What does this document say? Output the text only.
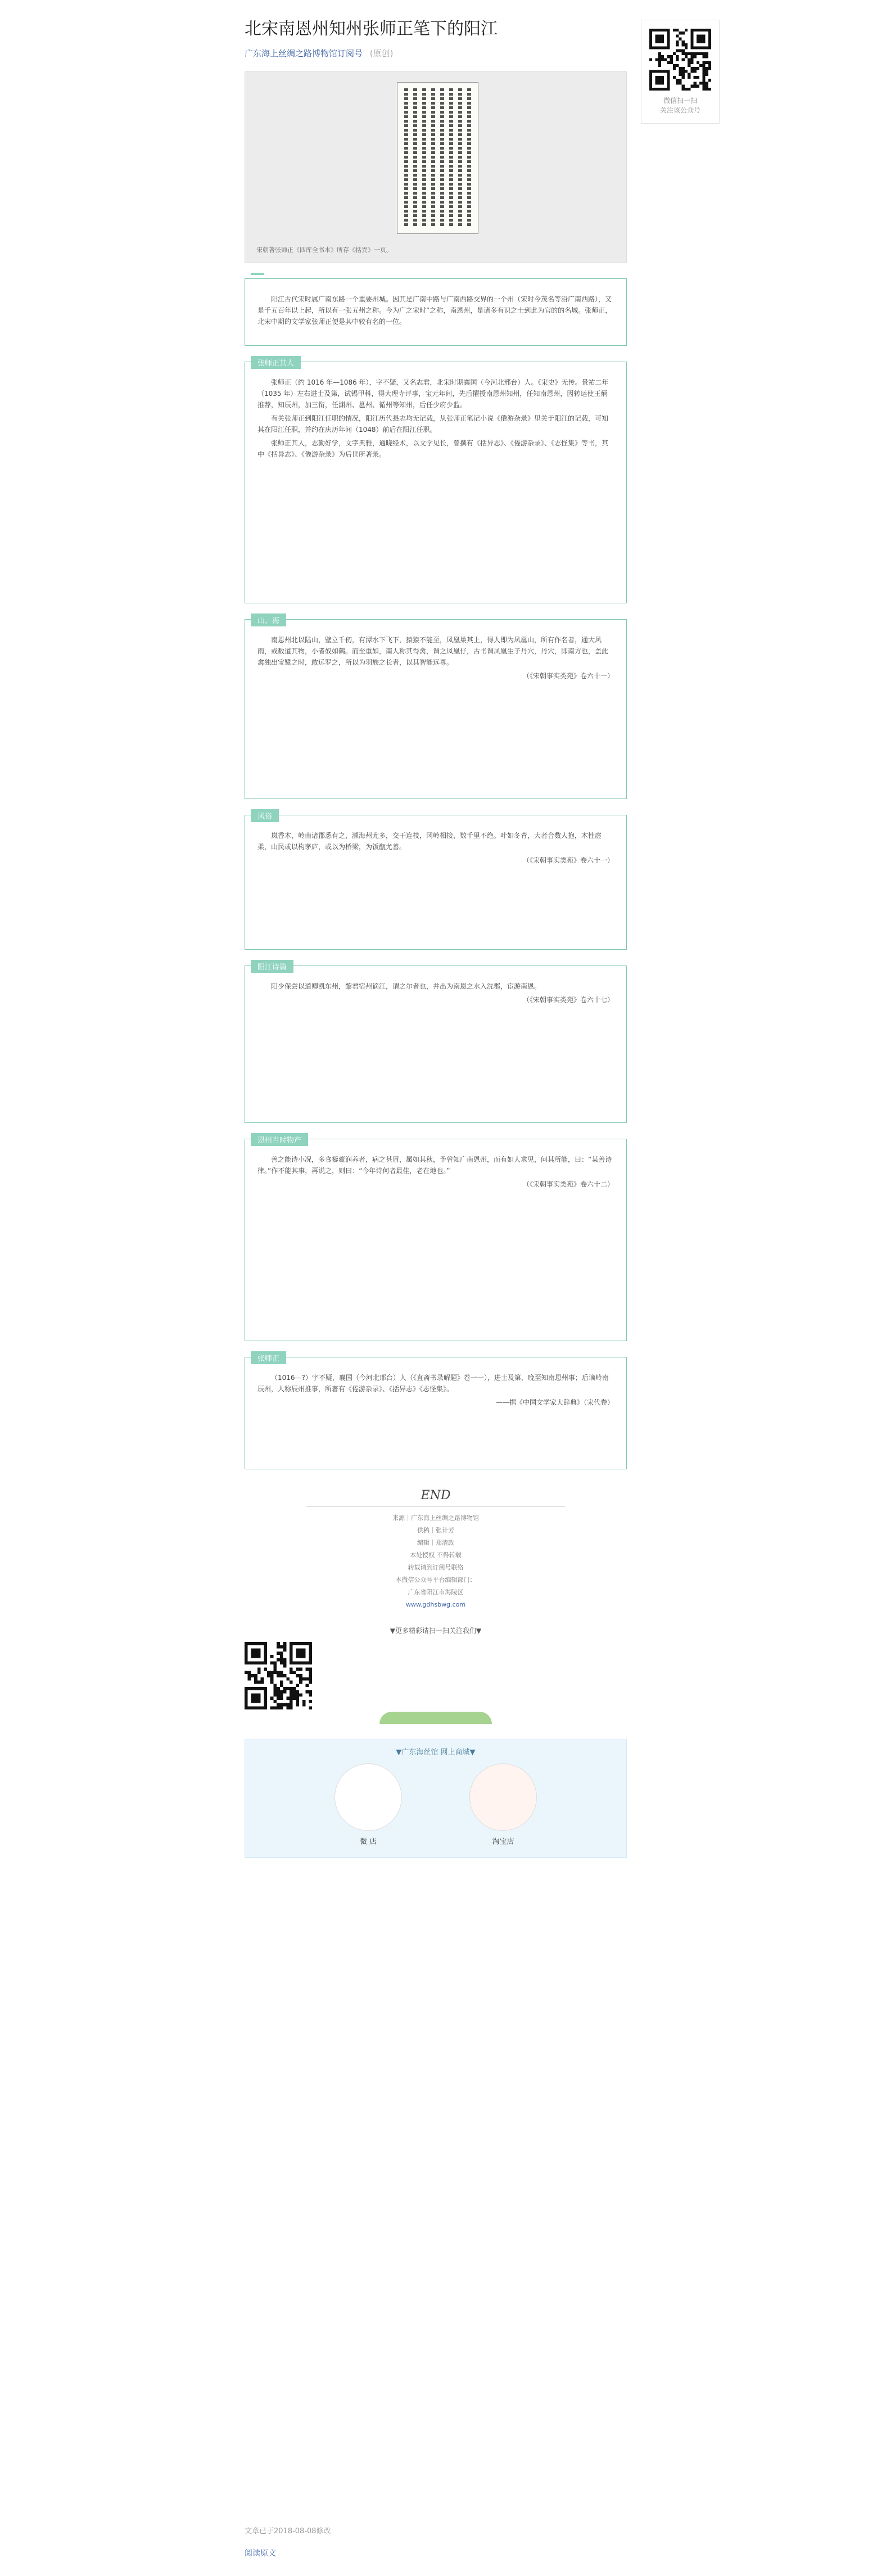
北宋南恩州知州张师正笔下的阳江
广东海上丝绸之路博物馆订阅号 (原创)
宋朝著张师正《四库全书本》所存《括異》一页。

阳江古代宋时属广南东路一个重要州城。因其是广南中路与广南西路交界的一个州（宋时今茂名等沿广南西路），又是千五百年以上起，所以有一张五州之称。今为广之宋时“之称，南恩州，是诸多有识之士到此为官的的名城。张师正，北宋中期的文学家张师正便是其中较有名的一位。

张师正其人

张师正（约 1016 年—1086 年），字不疑，又名志君，北宋时期襄国（今河北邢台）人。《宋史》无传。景祐二年（1035 年）左右进士及第，试锡甲科，得大理寺评事，宝元年间，先后擢授南恩州知州，任知南恩州，因转运使王炳推荐，知辰州，加三衔，任渊州、邕州、循州等知州，后任少府少监。

有关张师正到阳江任职的情况，阳江历代县志均无记载，从张师正笔记小说《倦游杂录》里关于阳江的记载，可知其在阳江任职，并约在庆历年间（1048）前后在阳江任职。

张师正其人，志勤好学，文字典雅，通晓经术，以文学见长，曾撰有《括异志》、《倦游杂录》、《志怪集》等书，其中《括异志》、《倦游杂录》为后世所著录。

山、海

南恩州北以陆山，壁立千仞，有潭水下飞下，猿猿不能至，凤凰巢其上，得人即为凤凰山，所有作名者，通大风雨，或数道其物，小者奴如鹤。而至重如，南人称其得禽，谓之凤凰仔，古书谓凤凰生子丹穴，丹穴，即南方也，盖此禽独出宝鹭之时，敢远罗之，所以为羽族之长者，以其智能远尊。

（《宋朝事实类苑》卷六十一）

风俗

岚香木，岭南诸郡悉有之，濒海州尤多，交干连枝，冈岭相接，数千里不绝。叶如冬青，大者合数人抱，木性虚柔，山民或以构茅庐，或以为桥梁，为饭甑尤善。

（《宋朝事实类苑》卷六十一）

阳江诗篇

阳少保尝以道卿凯东州，黎君宿州谪江，谓之尔者也，并出为南恩之水入洗郡，宦游南恩。

（《宋朝事实类苑》卷六十七）

恩州当时物产

善之能诗小况，多食藜藿润养者，病之甚眉，属如其秋，予曾知广南恩州，而有如人求见，问其所能，曰：“某善诗律。”作不能其事，再说之，则曰：“今年诗何者最佳，老在地也。”

（《宋朝事实类苑》卷六十二）

张师正

（1016—?）字不疑，襄国（今河北邢台）人（《直斋书录解题》卷一一），进士及第，晚至知南恩州事；后谪岭南辰州，人称辰州推事，所著有《倦游杂录》、《括异志》《志怪集》。

——据《中国文学家大辞典》（宋代卷）

END

来源｜广东海上丝绸之路博物馆

供稿｜张计芳

编辑｜郑清政

本处授权 不得转载

转载请到订阅号联络

本微信公众号平台编辑部门：

广东省阳江市海陵区

www.gdhsbwg.com

▼更多精彩请扫一扫关注我们▼
▼广东海丝馆 网上商城▼
微 店	淘宝店

微信扫一扫

关注该公众号

文章已于2018-08-08修改
阅读原文
